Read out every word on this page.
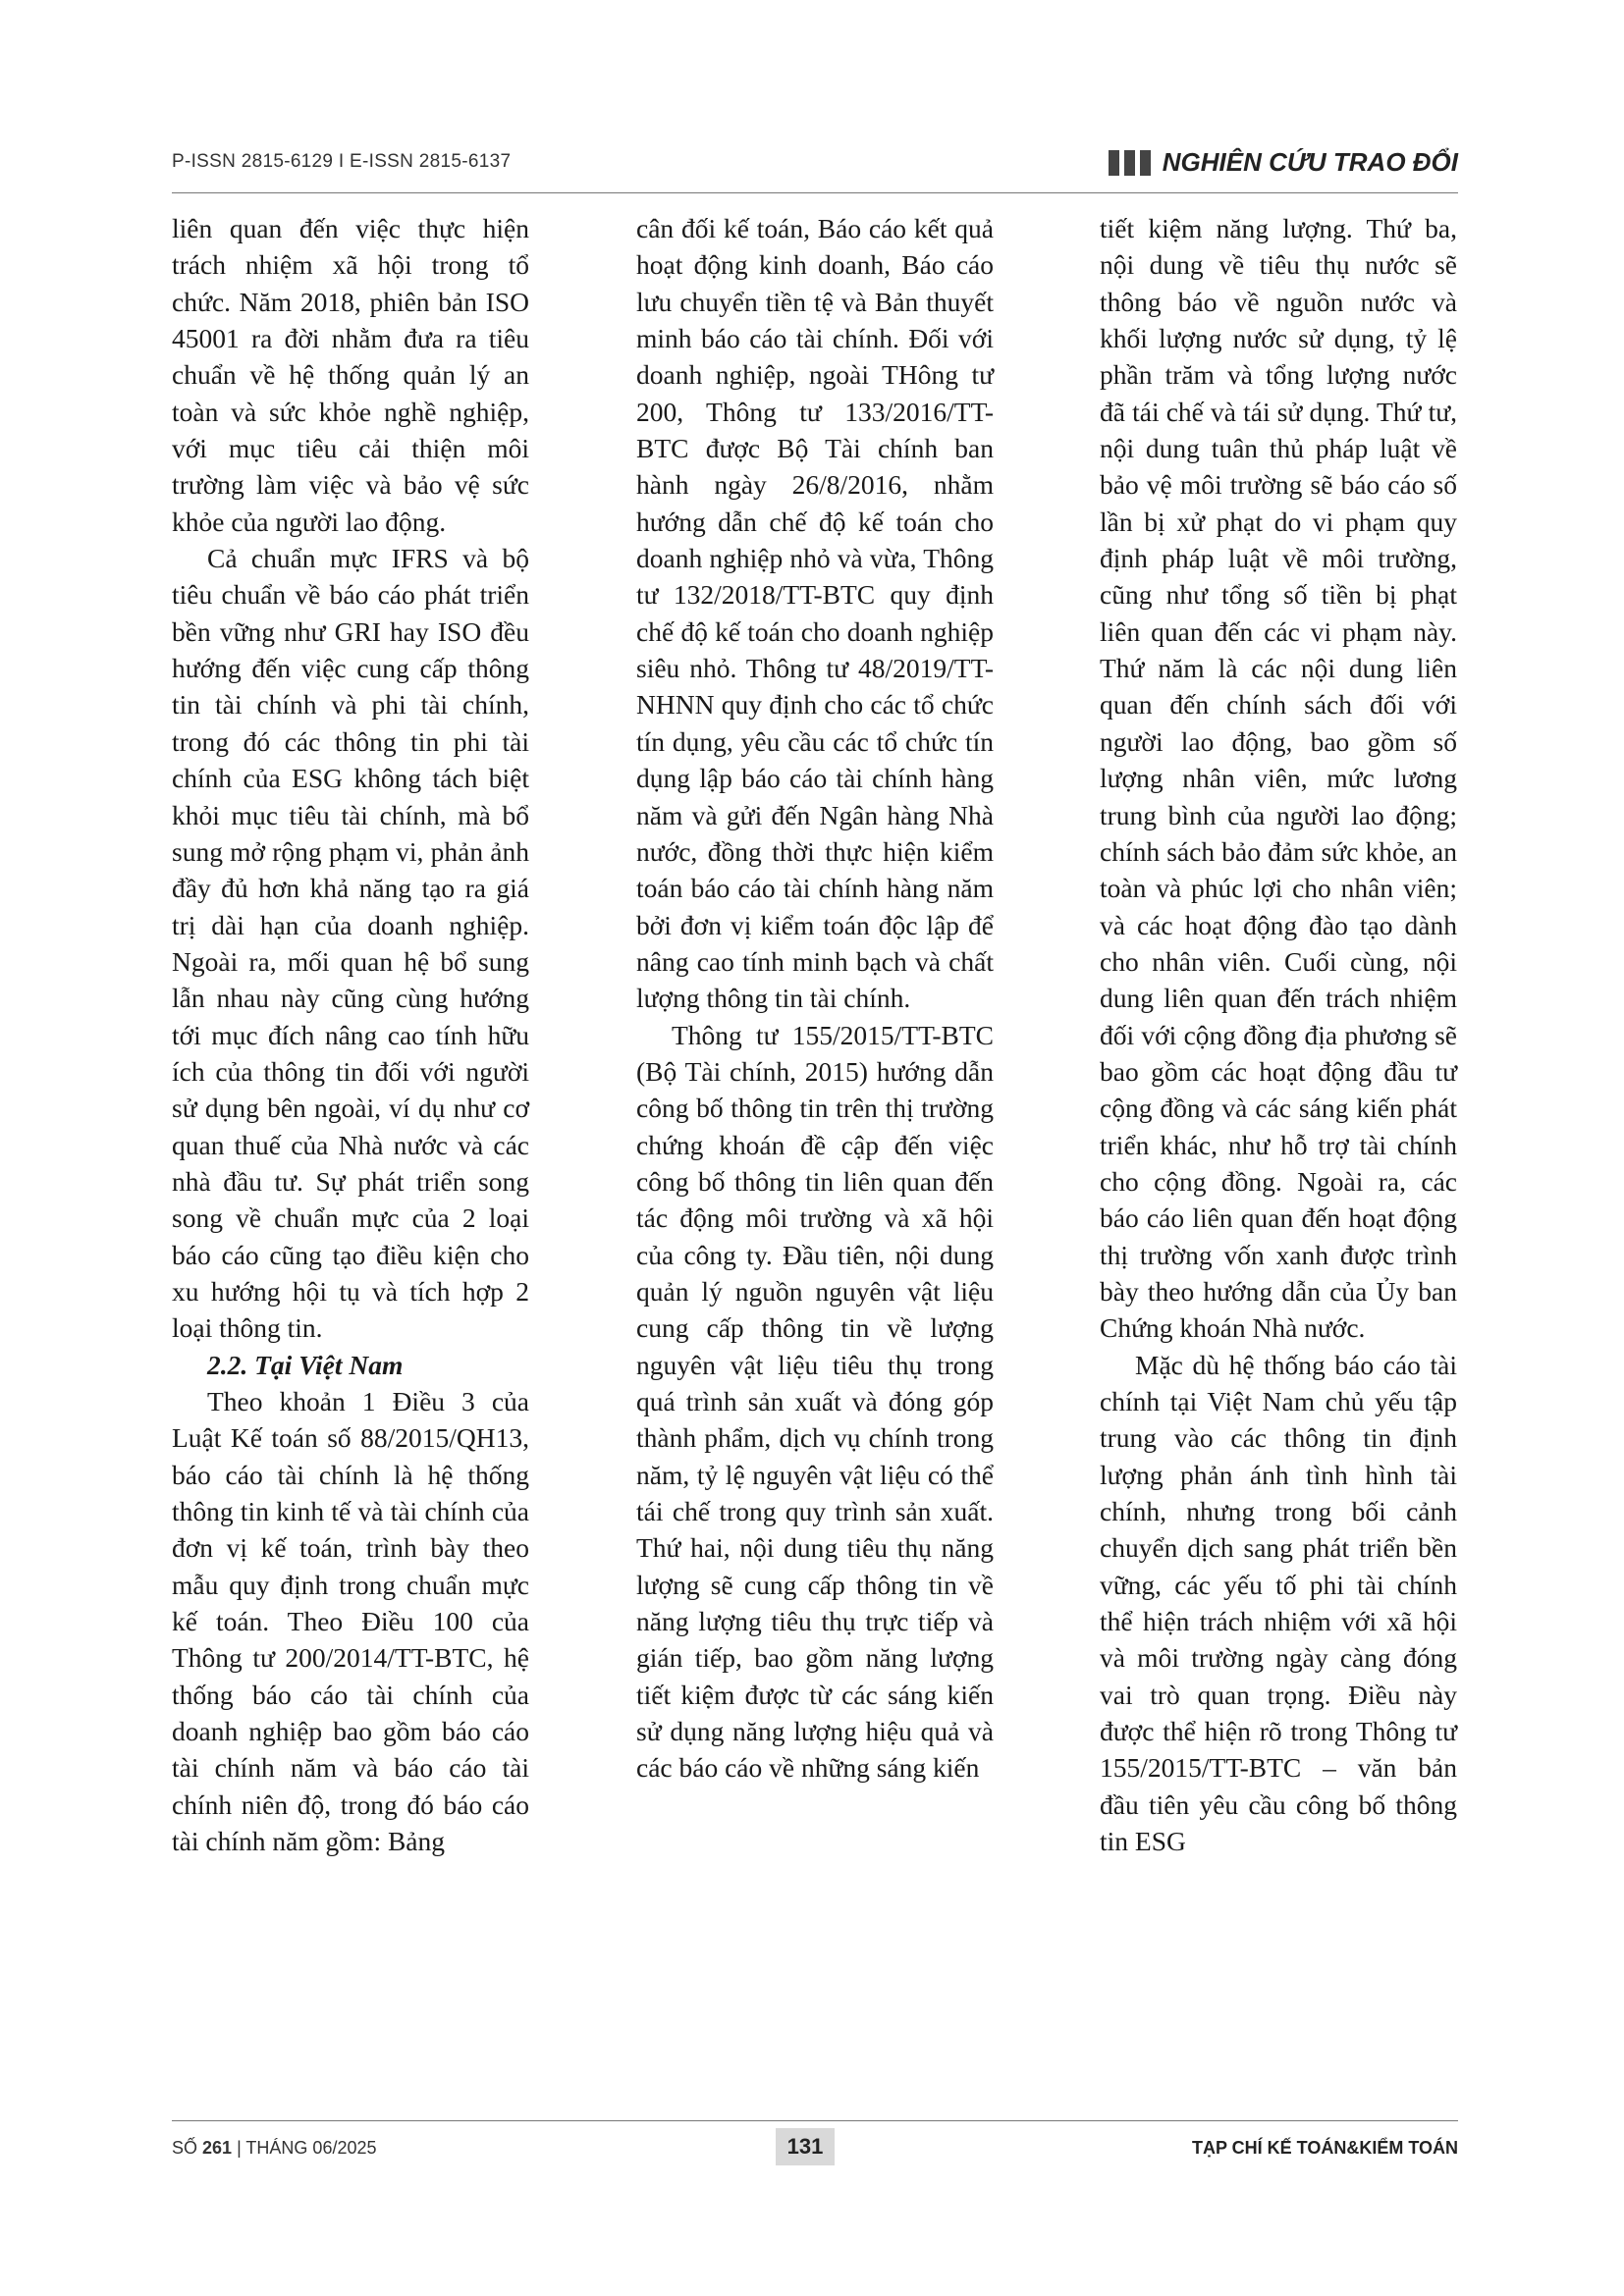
P-ISSN 2815-6129 I E-ISSN 2815-6137	NGHIÊN CỨU TRAO ĐỔI

liên quan đến việc thực hiện trách nhiệm xã hội trong tổ chức. Năm 2018, phiên bản ISO 45001 ra đời nhằm đưa ra tiêu chuẩn về hệ thống quản lý an toàn và sức khỏe nghề nghiệp, với mục tiêu cải thiện môi trường làm việc và bảo vệ sức khỏe của người lao động.

Cả chuẩn mực IFRS và bộ tiêu chuẩn về báo cáo phát triển bền vững như GRI hay ISO đều hướng đến việc cung cấp thông tin tài chính và phi tài chính, trong đó các thông tin phi tài chính của ESG không tách biệt khỏi mục tiêu tài chính, mà bổ sung mở rộng phạm vi, phản ảnh đầy đủ hơn khả năng tạo ra giá trị dài hạn của doanh nghiệp. Ngoài ra, mối quan hệ bổ sung lẫn nhau này cũng cùng hướng tới mục đích nâng cao tính hữu ích của thông tin đối với người sử dụng bên ngoài, ví dụ như cơ quan thuế của Nhà nước và các nhà đầu tư. Sự phát triển song song về chuẩn mực của 2 loại báo cáo cũng tạo điều kiện cho xu hướng hội tụ và tích hợp 2 loại thông tin.

2.2. Tại Việt Nam

Theo khoản 1 Điều 3 của Luật Kế toán số 88/2015/QH13, báo cáo tài chính là hệ thống thông tin kinh tế và tài chính của đơn vị kế toán, trình bày theo mẫu quy định trong chuẩn mực kế toán. Theo Điều 100 của Thông tư 200/2014/TT-BTC, hệ thống báo cáo tài chính của doanh nghiệp bao gồm báo cáo tài chính năm và báo cáo tài chính niên độ, trong đó báo cáo tài chính năm gồm: Bảng

cân đối kế toán, Báo cáo kết quả hoạt động kinh doanh, Báo cáo lưu chuyển tiền tệ và Bản thuyết minh báo cáo tài chính. Đối với doanh nghiệp, ngoài THông tư 200, Thông tư 133/2016/TT-BTC được Bộ Tài chính ban hành ngày 26/8/2016, nhằm hướng dẫn chế độ kế toán cho doanh nghiệp nhỏ và vừa, Thông tư 132/2018/TT-BTC quy định chế độ kế toán cho doanh nghiệp siêu nhỏ. Thông tư 48/2019/TT-NHNN quy định cho các tổ chức tín dụng, yêu cầu các tổ chức tín dụng lập báo cáo tài chính hàng năm và gửi đến Ngân hàng Nhà nước, đồng thời thực hiện kiểm toán báo cáo tài chính hàng năm bởi đơn vị kiểm toán độc lập để nâng cao tính minh bạch và chất lượng thông tin tài chính.

Thông tư 155/2015/TT-BTC (Bộ Tài chính, 2015) hướng dẫn công bố thông tin trên thị trường chứng khoán đề cập đến việc công bố thông tin liên quan đến tác động môi trường và xã hội của công ty. Đầu tiên, nội dung quản lý nguồn nguyên vật liệu cung cấp thông tin về lượng nguyên vật liệu tiêu thụ trong quá trình sản xuất và đóng góp thành phẩm, dịch vụ chính trong năm, tỷ lệ nguyên vật liệu có thể tái chế trong quy trình sản xuất. Thứ hai, nội dung tiêu thụ năng lượng sẽ cung cấp thông tin về năng lượng tiêu thụ trực tiếp và gián tiếp, bao gồm năng lượng tiết kiệm được từ các sáng kiến sử dụng năng lượng hiệu quả và các báo cáo về những sáng kiến

tiết kiệm năng lượng. Thứ ba, nội dung về tiêu thụ nước sẽ thông báo về nguồn nước và khối lượng nước sử dụng, tỷ lệ phần trăm và tổng lượng nước đã tái chế và tái sử dụng. Thứ tư, nội dung tuân thủ pháp luật về bảo vệ môi trường sẽ báo cáo số lần bị xử phạt do vi phạm quy định pháp luật về môi trường, cũng như tổng số tiền bị phạt liên quan đến các vi phạm này. Thứ năm là các nội dung liên quan đến chính sách đối với người lao động, bao gồm số lượng nhân viên, mức lương trung bình của người lao động; chính sách bảo đảm sức khỏe, an toàn và phúc lợi cho nhân viên; và các hoạt động đào tạo dành cho nhân viên. Cuối cùng, nội dung liên quan đến trách nhiệm đối với cộng đồng địa phương sẽ bao gồm các hoạt động đầu tư cộng đồng và các sáng kiến phát triển khác, như hỗ trợ tài chính cho cộng đồng. Ngoài ra, các báo cáo liên quan đến hoạt động thị trường vốn xanh được trình bày theo hướng dẫn của Ủy ban Chứng khoán Nhà nước.

Mặc dù hệ thống báo cáo tài chính tại Việt Nam chủ yếu tập trung vào các thông tin định lượng phản ánh tình hình tài chính, nhưng trong bối cảnh chuyển dịch sang phát triển bền vững, các yếu tố phi tài chính thể hiện trách nhiệm với xã hội và môi trường ngày càng đóng vai trò quan trọng. Điều này được thể hiện rõ trong Thông tư 155/2015/TT-BTC – văn bản đầu tiên yêu cầu công bố thông tin ESG

SỐ 261 | THÁNG 06/2025	131	TẠP CHÍ KẾ TOÁN&KIỂM TOÁN
